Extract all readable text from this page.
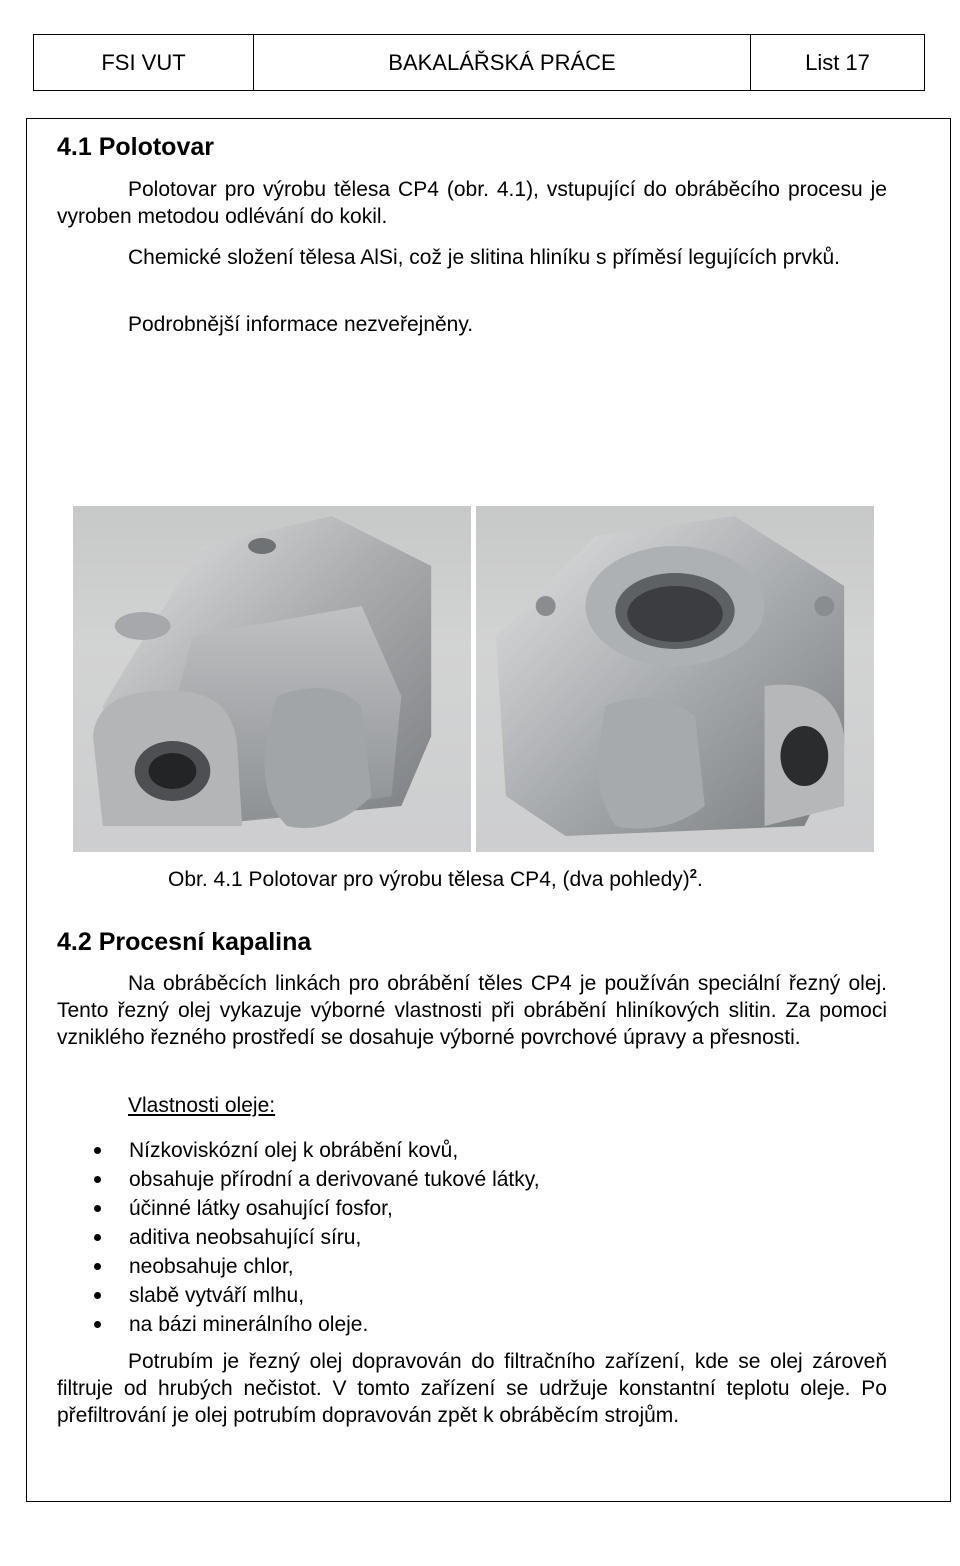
FSI VUT	BAKALÁŘSKÁ PRÁCE	List 17
4.1 Polotovar

Polotovar pro výrobu tělesa CP4 (obr. 4.1), vstupující do obráběcího procesu je vyroben metodou odlévání do kokil.

Chemické složení tělesa AlSi, což je slitina hliníku s příměsí legujících prvků.

Podrobnější informace nezveřejněny.

Obr. 4.1 Polotovar pro výrobu tělesa CP4, (dva pohledy)$^2$.
4.2 Procesní kapalina

Na obráběcích linkách pro obrábění těles CP4 je používán speciální řezný olej. Tento řezný olej vykazuje výborné vlastnosti při obrábění hliníkových slitin. Za pomoci vzniklého řezného prostředí se dosahuje výborné povrchové úpravy a přesnosti.

Vlastnosti oleje:
Nízkoviskózní olej k obrábění kovů,
obsahuje přírodní a derivované tukové látky,
účinné látky osahující fosfor,
aditiva neobsahující síru,
neobsahuje chlor,
slabě vytváří mlhu,
na bázi minerálního oleje.

Potrubím je řezný olej dopravován do filtračního zařízení, kde se olej zároveň filtruje od hrubých nečistot. V tomto zařízení se udržuje konstantní teplotu oleje. Po přefiltrování je olej potrubím dopravován zpět k obráběcím strojům.
